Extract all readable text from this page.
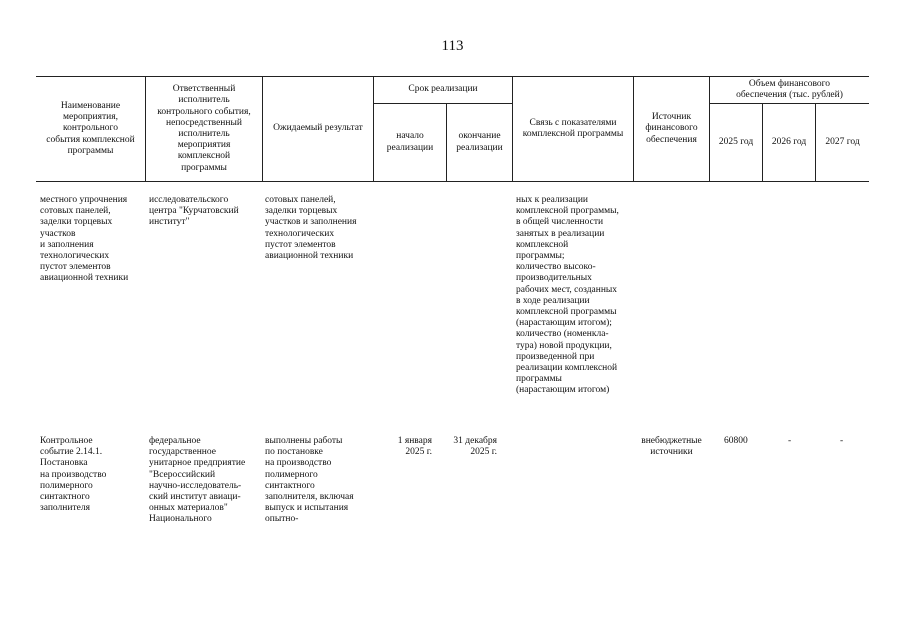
113
Наименование
мероприятия,
контрольного
события комплексной
программы
Ответственный
исполнитель
контрольного события,
непосредственный
исполнитель
мероприятия
комплексной
программы
Ожидаемый результат
Срок реализации
начало
реализации
окончание
реализации
Связь с показателями
комплексной программы
Источник
финансового
обеспечения
Объем финансового
обеспечения (тыс. рублей)
2025 год 2026 год 2027 год
местного упрочнения
сотовых панелей,
заделки торцевых
участков
и заполнения
технологических
пустот элементов
авиационной техники
исследовательского
центра "Курчатовский
институт"
сотовых панелей,
заделки торцевых
участков и заполнения
технологических
пустот элементов
авиационной техники
ных к реализации
комплексной программы,
в общей численности
занятых в реализации
комплексной
программы;
количество высоко-
производительных
рабочих мест, созданных
в ходе реализации
комплексной программы
(нарастающим итогом);
количество (номенкла-
тура) новой продукции,
произведенной при
реализации комплексной
программы
(нарастающим итогом)
Контрольное
событие 2.14.1.
Постановка
на производство
полимерного
синтактного
заполнителя
федеральное
государственное
унитарное предприятие
"Всероссийский
научно-исследователь-
ский институт авиаци-
онных материалов"
Национального
выполнены работы
по постановке
на производство
полимерного
синтактного
заполнителя, включая
выпуск и испытания
опытно-
1 января
2025 г.
31 декабря
2025 г.
внебюджетные
источники
60800	-	-
